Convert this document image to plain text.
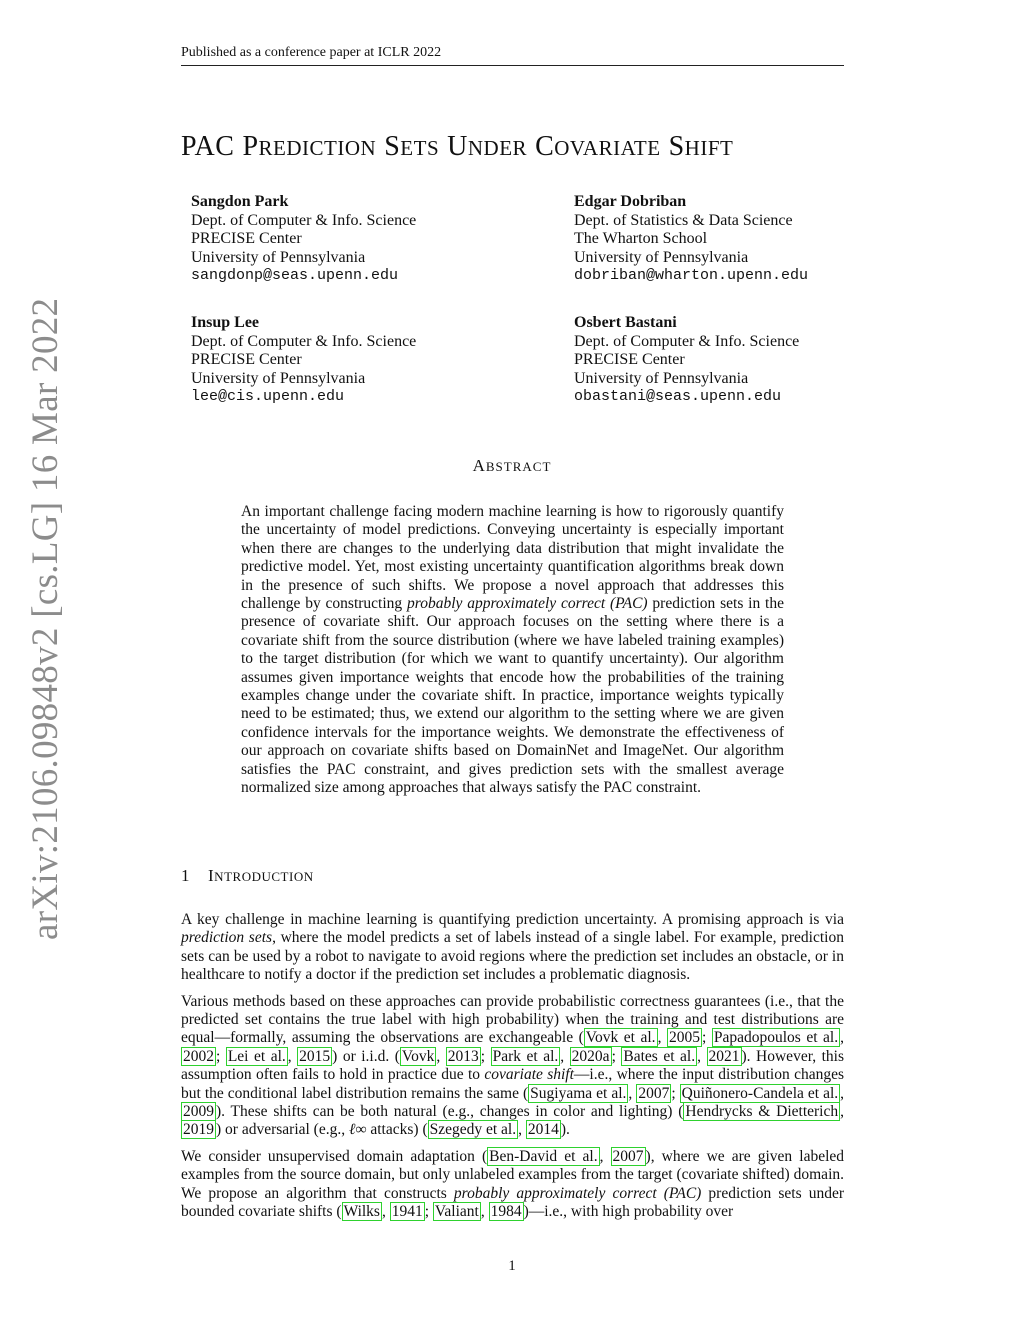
Published as a conference paper at ICLR 2022
arXiv:2106.09848v2 [cs.LG] 16 Mar 2022
PAC PREDICTION SETS UNDER COVARIATE SHIFT
Sangdon Park
Dept. of Computer & Info. Science
PRECISE Center
University of Pennsylvania
sangdonp@seas.upenn.edu
Edgar Dobriban
Dept. of Statistics & Data Science
The Wharton School
University of Pennsylvania
dobriban@wharton.upenn.edu
Insup Lee
Dept. of Computer & Info. Science
PRECISE Center
University of Pennsylvania
lee@cis.upenn.edu
Osbert Bastani
Dept. of Computer & Info. Science
PRECISE Center
University of Pennsylvania
obastani@seas.upenn.edu
ABSTRACT
An important challenge facing modern machine learning is how to rigorously quantify the uncertainty of model predictions. Conveying uncertainty is especially important when there are changes to the underlying data distribution that might invalidate the predictive model. Yet, most existing uncertainty quantification algorithms break down in the presence of such shifts. We propose a novel approach that addresses this challenge by constructing probably approximately correct (PAC) prediction sets in the presence of covariate shift. Our approach focuses on the setting where there is a covariate shift from the source distribution (where we have labeled training examples) to the target distribution (for which we want to quantify uncertainty). Our algorithm assumes given importance weights that encode how the probabilities of the training examples change under the covariate shift. In practice, importance weights typically need to be estimated; thus, we extend our algorithm to the setting where we are given confidence intervals for the importance weights. We demonstrate the effectiveness of our approach on covariate shifts based on DomainNet and ImageNet. Our algorithm satisfies the PAC constraint, and gives prediction sets with the smallest average normalized size among approaches that always satisfy the PAC constraint.
1 INTRODUCTION

A key challenge in machine learning is quantifying prediction uncertainty. A promising approach is via prediction sets, where the model predicts a set of labels instead of a single label. For example, prediction sets can be used by a robot to navigate to avoid regions where the prediction set includes an obstacle, or in healthcare to notify a doctor if the prediction set includes a problematic diagnosis.

Various methods based on these approaches can provide probabilistic correctness guarantees (i.e., that the predicted set contains the true label with high probability) when the training and test distributions are equal—formally, assuming the observations are exchangeable ( Vovk et al. , 2005 ; Papadopoulos et al. , 2002 ; Lei et al. , 2015 ) or i.i.d. ( Vovk , 2013 ; Park et al. , 2020a ; Bates et al. , 2021 ). However, this assumption often fails to hold in practice due to covariate shift—i.e., where the input distribution changes but the conditional label distribution remains the same ( Sugiyama et al. , 2007 ; Quiñonero-Candela et al. , 2009 ). These shifts can be both natural (e.g., changes in color and lighting) ( Hendrycks & Dietterich , 2019 ) or adversarial (e.g., ℓ∞ attacks) ( Szegedy et al. , 2014 ).

We consider unsupervised domain adaptation ( Ben-David et al. , 2007 ), where we are given labeled examples from the source domain, but only unlabeled examples from the target (covariate shifted) domain. We propose an algorithm that constructs probably approximately correct (PAC) prediction sets under bounded covariate shifts ( Wilks , 1941 ; Valiant , 1984 )—i.e., with high probability over

1
